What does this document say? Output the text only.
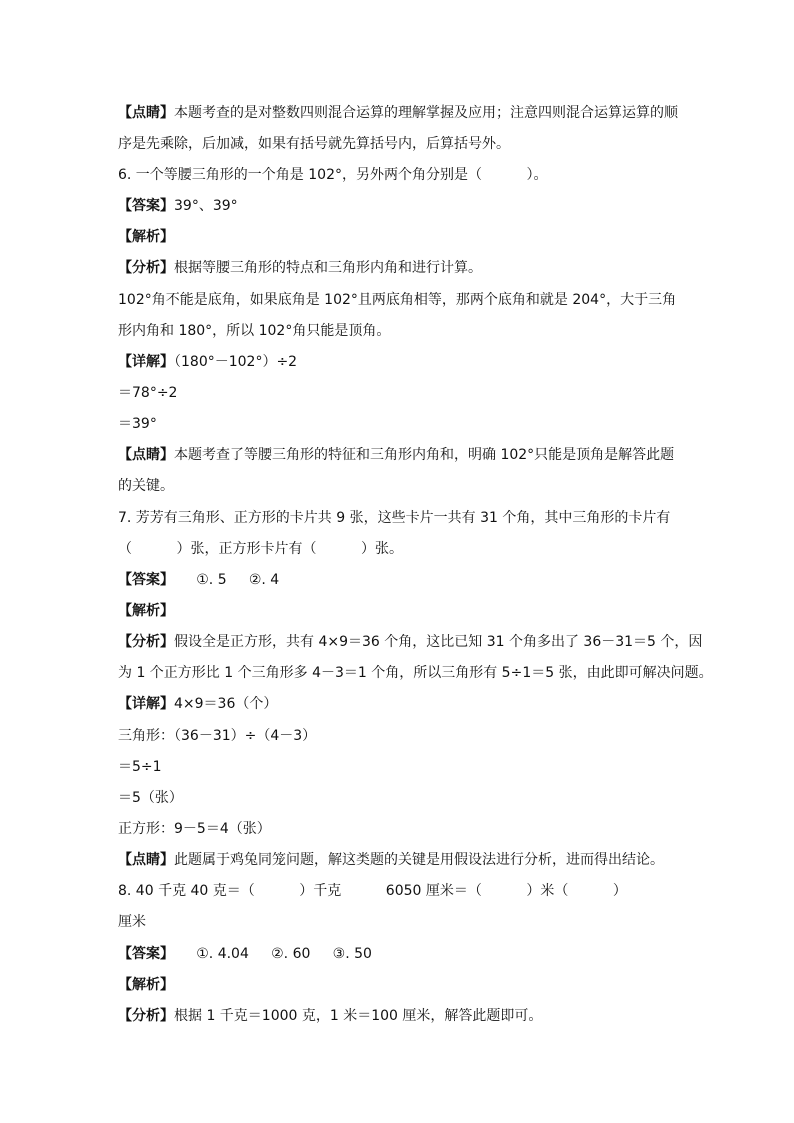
【点睛】本题考查的是对整数四则混合运算的理解掌握及应用；注意四则混合运算运算的顺
序是先乘除，后加减，如果有括号就先算括号内，后算括号外。
6. 一个等腰三角形的一个角是 102°，另外两个角分别是（          ）。
【答案】39°、39°
【解析】
【分析】根据等腰三角形的特点和三角形内角和进行计算。
102°角不能是底角，如果底角是 102°且两底角相等，那两个底角和就是 204°，大于三角
形内角和 180°，所以 102°角只能是顶角。
【详解】（180°－102°）÷2
＝78°÷2
＝39°
【点睛】本题考查了等腰三角形的特征和三角形内角和，明确 102°只能是顶角是解答此题
的关键。
7. 芳芳有三角形、正方形的卡片共 9 张，这些卡片一共有 31 个角，其中三角形的卡片有
（          ）张，正方形卡片有（          ）张。
【答案】     ①. 5     ②. 4
【解析】
【分析】假设全是正方形，共有 4×9＝36 个角，这比已知 31 个角多出了 36－31＝5 个，因
为 1 个正方形比 1 个三角形多 4－3＝1 个角，所以三角形有 5÷1＝5 张，由此即可解决问题。
【详解】4×9＝36（个）
三角形：（36－31）÷（4－3）
＝5÷1
＝5（张）
正方形：9－5＝4（张）
【点睛】此题属于鸡兔同笼问题，解这类题的关键是用假设法进行分析，进而得出结论。
8. 40 千克 40 克＝（          ）千克          6050 厘米＝（          ）米（          ）
厘米
【答案】     ①. 4.04     ②. 60     ③. 50
【解析】
【分析】根据 1 千克＝1000 克，1 米＝100 厘米，解答此题即可。
